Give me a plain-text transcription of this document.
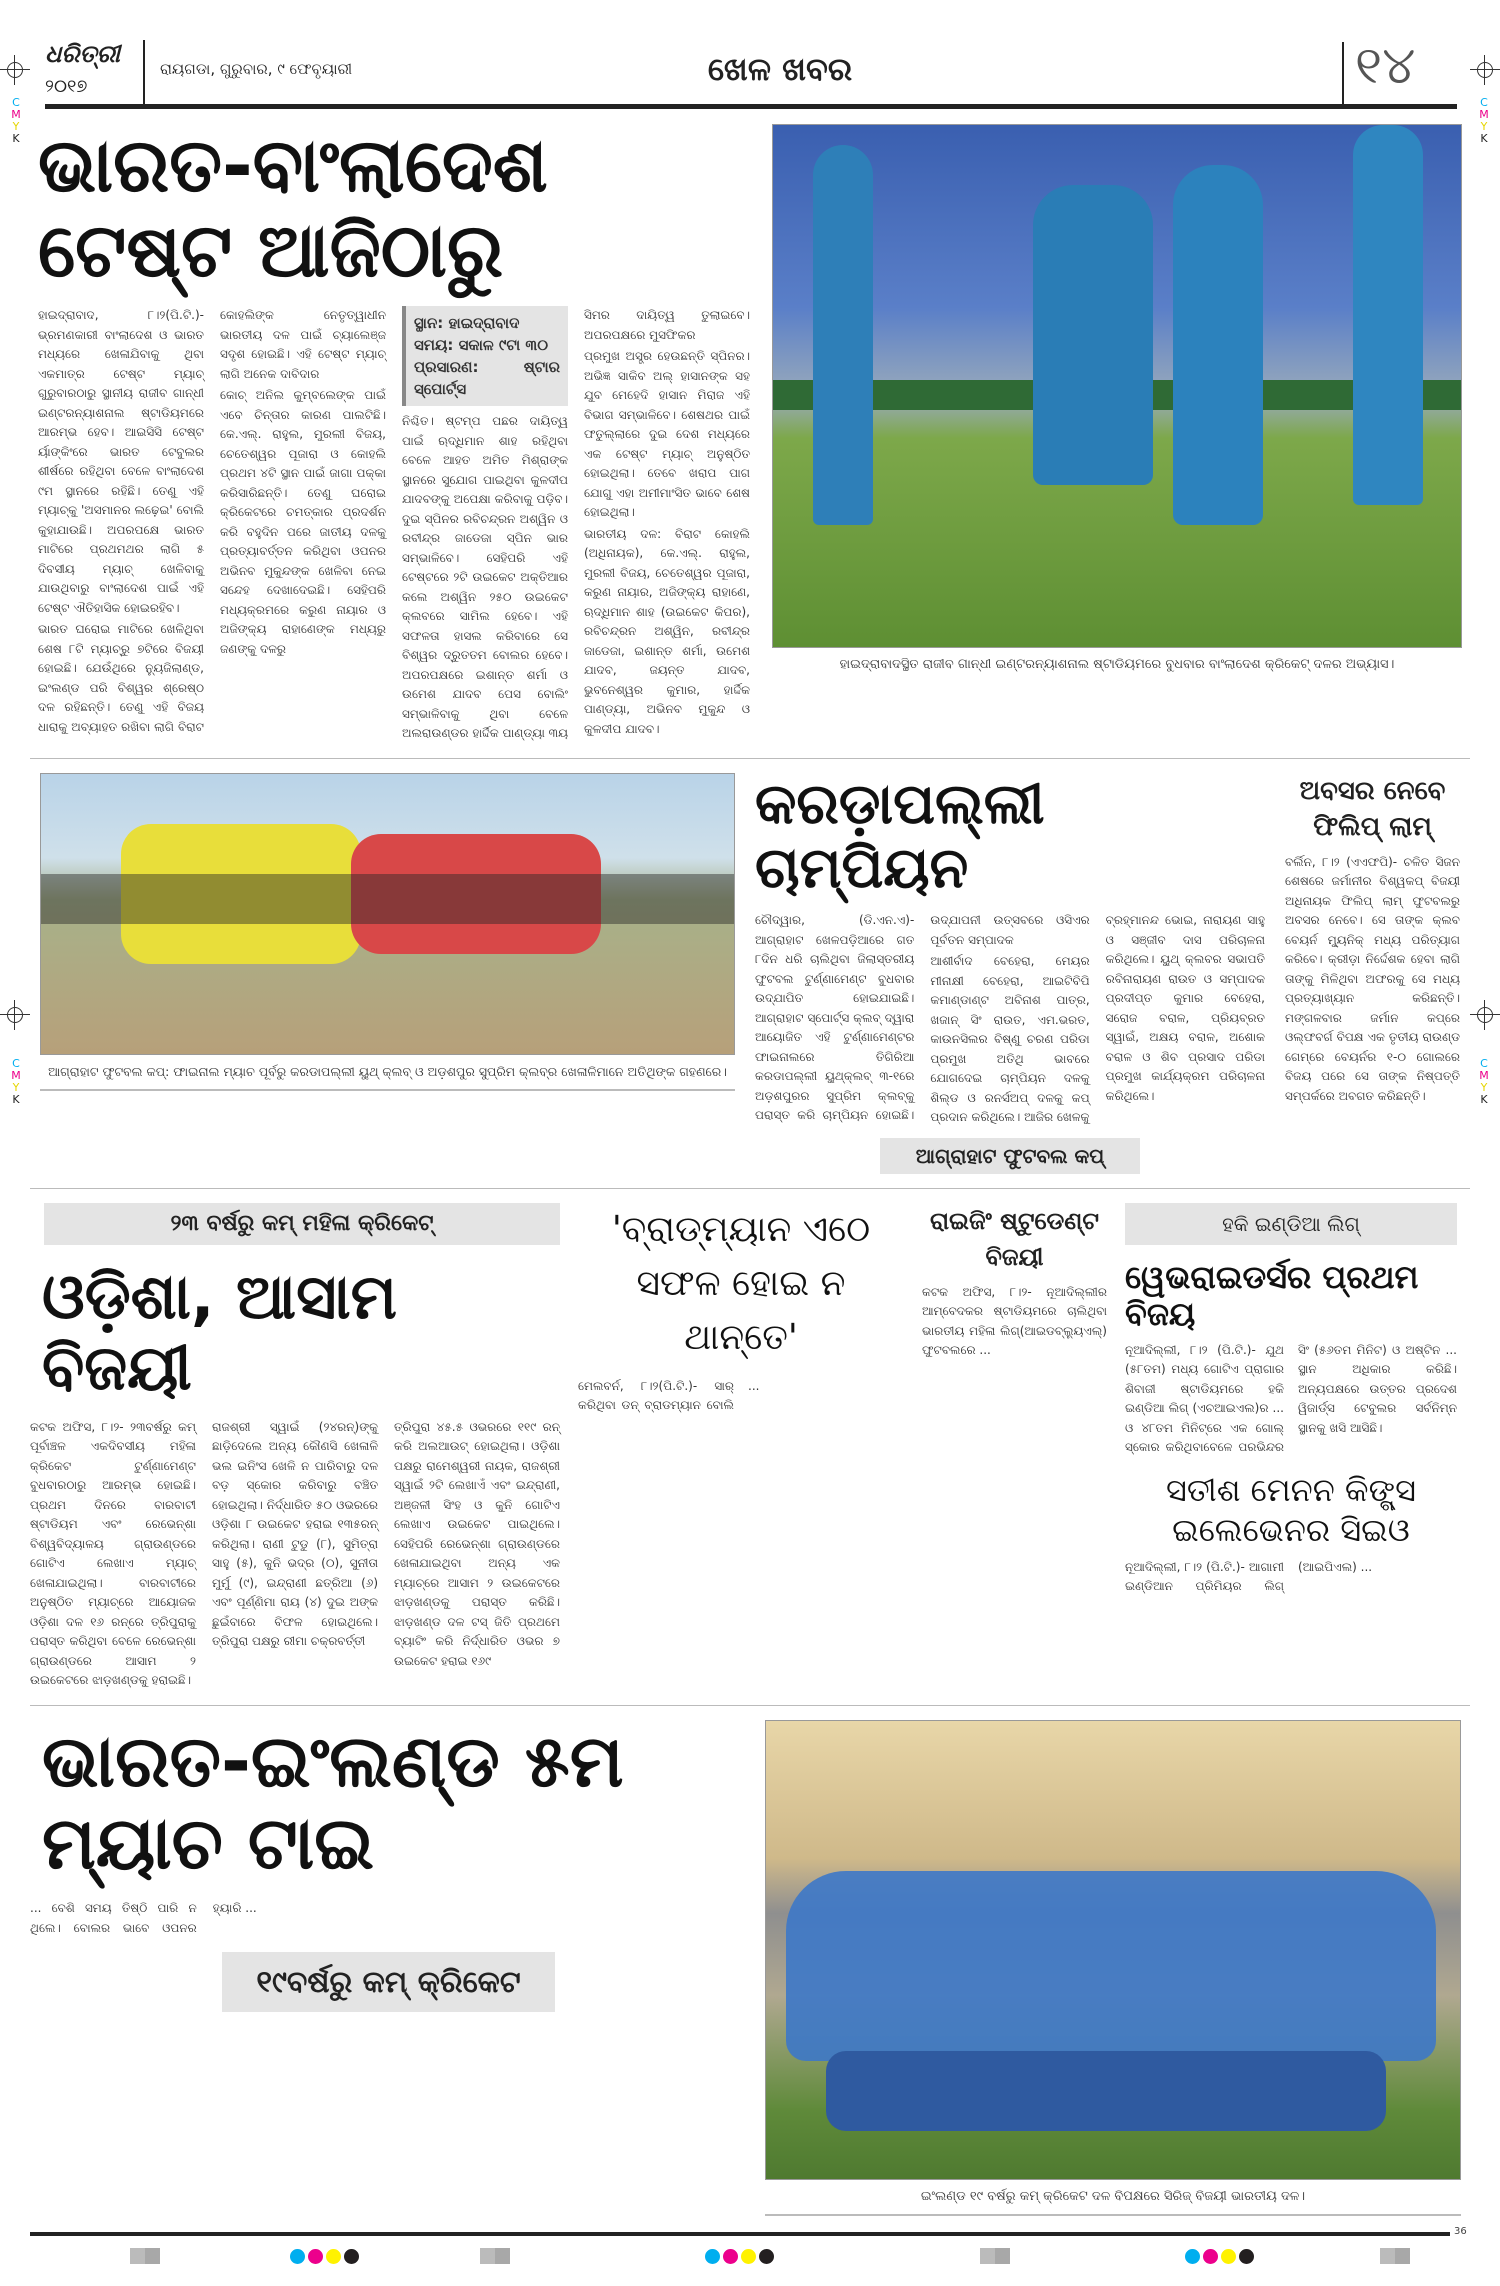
C
M
Y
K
C
M
Y
K
C
M
Y
K
C
M
Y
K
ଧରିତ୍ରୀ
୨୦୧୭
ରାୟଗଡା, ଗୁରୁବାର, ୯ ଫେବୃୟାରୀ	ଖେଳ ଖବର	୧୪
ଭାରତ-ବାଂଲାଦେଶ ଟେଷ୍ଟ ଆଜିଠାରୁ

ହାଇଦ୍ରାବାଦ, ୮।୨(ପି.ଟି.)- ଭ୍ରମଣକାରୀ ବାଂଲାଦେଶ ଓ ଭାରତ ମଧ୍ୟରେ ଖେଳାଯିବାକୁ ଥିବା ଏକମାତ୍ର ଟେଷ୍ଟ ମ୍ୟାଚ୍ ଗୁରୁବାରଠାରୁ ସ୍ଥାନୀୟ ରାଜୀବ ଗାନ୍ଧୀ ଇଣ୍ଟରନ୍ୟାଶନାଲ ଷ୍ଟାଡିୟମରେ ଆରମ୍ଭ ହେବ। ଆଇସିସି ଟେଷ୍ଟ ର୍ୟାଙ୍କିଂରେ ଭାରତ ଟେବୁଲର ଶୀର୍ଷରେ ରହିଥିବା ବେଳେ ବାଂଲାଦେଶ ୯ମ ସ୍ଥାନରେ ରହିଛି। ତେଣୁ ଏହି ମ୍ୟାଚ୍‌କୁ 'ଅସମାନର ଲଢ଼େଇ' ବୋଲି କୁହାଯାଉଛି। ଅପରପକ୍ଷେ ଭାରତ ମାଟିରେ ପ୍ରଥମଥର ଲାଗି ୫ ଦିବସୀୟ ମ୍ୟାଚ୍ ଖେଳିବାକୁ ଯାଉଥିବାରୁ ବାଂଲାଦେଶ ପାଇଁ ଏହି ଟେଷ୍ଟ ଐତିହାସିକ ହୋଇରହିବ।

ଭାରତ ଘରୋଇ ମାଟିରେ ଖେଳିଥିବା ଶେଷ ୮ଟି ମ୍ୟାଚ୍‌ରୁ ୭ଟିରେ ବିଜୟୀ ହୋଇଛି। ଯେଉଁଥିରେ ନ୍ୟୁଜିଲାଣ୍ଡ, ଇଂଲଣ୍ଡ ପରି ବିଶ୍ୱର ଶ୍ରେଷ୍ଠ ଦଳ ରହିଛନ୍ତି। ତେଣୁ ଏହି ବିଜୟ ଧାରାକୁ ଅବ୍ୟାହତ ରଖିବା ଲାଗି ବିରାଟ କୋହଲିଙ୍କ ନେତୃତ୍ୱାଧୀନ ଭାରତୀୟ ଦଳ ପାଇଁ ଚ୍ୟାଲେଞ୍ଜ ସଦୃଶ ହୋଇଛି। ଏହି ଟେଷ୍ଟ ମ୍ୟାଚ୍ ଲାଗି ଅନେକ ଦାବିଦାର

କୋଚ୍ ଅନିଲ କୁମ୍ବଲେଙ୍କ ପାଇଁ ଏବେ ଚିନ୍ତାର କାରଣ ପାଲଟିଛି। କେ.ଏଲ୍. ରାହୁଲ, ମୁରଲୀ ବିଜୟ, ଚେତେଶ୍ୱର ପୂଜାରା ଓ କୋହଲି ପ୍ରଥମ ୪ଟି ସ୍ଥାନ ପାଇଁ ଜାଗା ପକ୍କା କରିସାରିଛନ୍ତି। ତେଣୁ ଘରୋଇ କ୍ରିକେଟରେ ଚମତ୍କାର ପ୍ରଦର୍ଶନ କରି ବହୁଦିନ ପରେ ଜାତୀୟ ଦଳକୁ ପ୍ରତ୍ୟାବର୍ତ୍ତନ କରିଥିବା ଓପନର ଅଭିନବ ମୁକୁନ୍ଦଙ୍କ ଖେଳିବା ନେଇ ସନ୍ଦେହ ଦେଖାଦେଇଛି। ସେହିପରି ମଧ୍ୟକ୍ରମରେ କରୁଣ ନାୟାର ଓ ଅଜିଙ୍କ୍ୟ ରାହାଣେଙ୍କ ମଧ୍ୟରୁ ଜଣଙ୍କୁ ଦଳରୁ

ସ୍ଥାନ: ହାଇଦ୍ରାବାଦ
ସମୟ: ସକାଳ ୯ଟା ୩୦
ପ୍ରସାରଣ: ଷ୍ଟାର ସ୍ପୋର୍ଟ୍ସ

ନିଶ୍ଚିତ। ଷ୍ଟମ୍ପ ପଛର ଦାୟିତ୍ୱ ପାଇଁ ଋଦ୍ଧିମାନ ଶାହ ରହିଥିବା ବେଳେ ଆହତ ଅମିତ ମିଶ୍ରାଙ୍କ ସ୍ଥାନରେ ସୁଯୋଗ ପାଇଥିବା କୁଳଦୀପ ଯାଦବଙ୍କୁ ଅପେକ୍ଷା କରିବାକୁ ପଡ଼ିବ। ଦୁଇ ସ୍ପିନର ରବିଚନ୍ଦ୍ରନ ଅଶ୍ୱିନ ଓ ରବୀନ୍ଦ୍ର ଜାଡେଜା ସ୍ପିନ ଭାର ସମ୍ଭାଳିବେ। ସେହିପରି ଏହି ଟେଷ୍ଟରେ ୨ଟି ଉଇକେଟ ଅକ୍ତିଆର କଲେ ଅଶ୍ୱିନ ୨୫୦ ଉଇକେଟ କ୍ଲବରେ ସାମିଲ ହେବେ। ଏହି ସଫଳତା ହାସଲ କରିବାରେ ସେ ବିଶ୍ୱର ଦ୍ରୁତତମ ବୋଲର ହେବେ। ଅପରପକ୍ଷରେ ଇଶାନ୍ତ ଶର୍ମା ଓ ଉମେଶ ଯାଦବ ପେସ ବୋଲିଂ ସମ୍ଭାଳିବାକୁ ଥିବା ବେଳେ ଅଲରାଉଣ୍ଡର ହାର୍ଦ୍ଦିକ ପାଣ୍ଡ୍ୟା ୩ୟ ସିମର ଦାୟିତ୍ୱ ତୁଲାଇବେ। ଅପରପକ୍ଷରେ ମୁସଫିକର

ପ୍ରମୁଖ ଅସ୍ତ୍ର ହେଉଛନ୍ତି ସ୍ପିନର। ଅଭିଜ୍ଞ ସାକିବ ଅଲ୍ ହାସାନଙ୍କ ସହ ଯୁବ ମେହେଦି ହାସାନ ମିରାଜ ଏହି ବିଭାଗ ସମ୍ଭାଳିବେ। ଶେଷଥର ପାଇଁ ଫତୁଲ୍ଲାରେ ଦୁଇ ଦେଶ ମଧ୍ୟରେ ଏକ ଟେଷ୍ଟ ମ୍ୟାଚ୍ ଅନୁଷ୍ଠିତ ହୋଇଥିଲା। ତେବେ ଖରାପ ପାଗ ଯୋଗୁ ଏହା ଅମୀମାଂସିତ ଭାବେ ଶେଷ ହୋଇଥିଲା।

ଭାରତୀୟ ଦଳ: ବିରାଟ କୋହଲି (ଅଧିନାୟକ), କେ.ଏଲ୍. ରାହୁଲ, ମୁରଲୀ ବିଜୟ, ଚେତେଶ୍ୱର ପୂଜାରା, କରୁଣ ନାୟାର, ଅଜିଙ୍କ୍ୟ ରାହାଣେ, ଋଦ୍ଧିମାନ ଶାହ (ଉଇକେଟ କିପର), ରବିଚନ୍ଦ୍ରନ ଅଶ୍ୱିନ, ରବୀନ୍ଦ୍ର ଜାଡେଜା, ଇଶାନ୍ତ ଶର୍ମା, ଉମେଶ ଯାଦବ, ଜୟନ୍ତ ଯାଦବ, ଭୁବନେଶ୍ୱର କୁମାର, ହାର୍ଦ୍ଦିକ ପାଣ୍ଡ୍ୟା, ଅଭିନବ ମୁକୁନ୍ଦ ଓ କୁଳଦୀପ ଯାଦବ।

ହାଇଦ୍ରାବାଦସ୍ଥିତ ରାଜୀବ ଗାନ୍ଧୀ ଇଣ୍ଟରନ୍ୟାଶନାଲ ଷ୍ଟାଡିୟମରେ ବୁଧବାର ବାଂଲାଦେଶ କ୍ରିକେଟ୍ ଦଳର ଅଭ୍ୟାସ।
ଆଗ୍ରାହାଟ ଫୁଟବଲ କପ୍: ଫାଇନାଲ ମ୍ୟାଚ ପୂର୍ବରୁ କରଡାପଲ୍ଲୀ ୟୁଥ୍ କ୍ଲବ୍ ଓ ଅଡ଼ଶପୁର ସୁପ୍ରିମ କ୍ଲବ୍‌ର ଖେଳାଳିମାନେ ଅତିଥିଙ୍କ ଗହଣରେ।
କରଡ଼ାପଲ୍ଲୀ ଚାମ୍ପିୟନ

ଚୌଦ୍ୱାର, (ଡି.ଏନ.ଏ)- ଆଗ୍ରାହାଟ ଖେଳପଡ଼ିଆରେ ଗତ ୮ଦିନ ଧରି ଚାଲିଥିବା ଜିଲାସ୍ତରୀୟ ଫୁଟବଲ ଟୁର୍ଣ୍ଣାମେଣ୍ଟ ବୁଧବାର ଉଦ୍‌ଯାପିତ ହୋଇଯାଇଛି। ଆଗ୍ରାହାଟ ସ୍ପୋର୍ଟ୍ସ କ୍ଲବ୍ ଦ୍ୱାରା ଆୟୋଜିତ ଏହି ଟୁର୍ଣ୍ଣାମେଣ୍ଟର ଫାଇନାଲରେ ତିଗିରିଆ କରଡାପଲ୍ଲୀ ୟୁଥ୍‌କ୍ଲବ୍ ୩-୧ରେ ଅଡ଼ଶପୁରର ସୁପ୍ରିମ କ୍ଲବ୍‌କୁ ପରାସ୍ତ କରି ଚାମ୍ପିୟନ ହୋଇଛି। ଉଦ୍‌ଯାପନୀ ଉତ୍ସବରେ ଓସିଏର ପୂର୍ବତନ ସମ୍ପାଦକ

ଆଶୀର୍ବାଦ ବେହେରା, ମେୟର ମୀନାକ୍ଷୀ ବେହେରା, ଆଇଟିବିପି କମାଣ୍ଡାଣ୍ଟ ଅବିନାଶ ପାତ୍ର, ଖଜାନ୍ ସିଂ ରାଉତ, ଏମ.ଭରତ, କାଉନସିଲର ବିଷ୍ଣୁ ଚରଣ ପରିଡା ପ୍ରମୁଖ ଅତିଥି ଭାବରେ ଯୋଗଦେଇ ଚାମ୍ପିୟନ ଦଳକୁ ଶିଲ୍ଡ ଓ ରନର୍ସଅପ୍ ଦଳକୁ କପ୍ ପ୍ରଦାନ କରିଥିଲେ। ଆଜିର ଖେଳକୁ

ବ୍ରହ୍ମାନନ୍ଦ ଭୋଇ, ନାରାୟଣ ସାହୁ ଓ ସଞ୍ଜୀବ ଦାସ ପରିଚାଳନା କରିଥିଲେ। ୟୁଥ୍ କ୍ଲବର ସଭାପତି ରବିନାରାୟଣ ରାଉତ ଓ ସମ୍ପାଦକ ପ୍ରଦୀପ୍ତ କୁମାର ବେହେରା, ସରୋଜ ବରାଳ, ପ୍ରିୟବ୍ରତ ସ୍ୱାଇଁ, ଅକ୍ଷୟ ବରାଳ, ଅଶୋକ ବରାଳ ଓ ଶିବ ପ୍ରସାଦ ପରିଡା ପ୍ରମୁଖ କାର୍ଯ୍ୟକ୍ରମ ପରିଚାଳନା କରିଥିଲେ।

ଆଗ୍ରାହାଟ ଫୁଟବଲ କପ୍
ଅବସର ନେବେ ଫିଲିପ୍ ଲାମ୍

ବର୍ଲିନ, ୮।୨ (ଏଏଫପି)- ଚଳିତ ସିଜନ ଶେଷରେ ଜର୍ମାନୀର ବିଶ୍ୱକପ୍ ବିଜୟୀ ଅଧିନାୟକ ଫିଲିପ୍ ଲାମ୍ ଫୁଟବଲରୁ ଅବସର ନେବେ। ସେ ତାଙ୍କ କ୍ଲବ ବେୟର୍ନ ମ୍ୟୁନିକ୍ ମଧ୍ୟ ପରିତ୍ୟାଗ କରିବେ। କ୍ରୀଡ଼ା ନିର୍ଦ୍ଦେଶକ ହେବା ଲାଗି ତାଙ୍କୁ ମିଳିଥିବା ଅଫରକୁ ସେ ମଧ୍ୟ ପ୍ରତ୍ୟାଖ୍ୟାନ କରିଛନ୍ତି। ମଙ୍ଗଳବାର ଜର୍ମାନ କପ୍‌ରେ ଓଲ୍‌ଫବର୍ଗ ବିପକ୍ଷ ଏକ ତୃତୀୟ ରାଉଣ୍ଡ ଗେମ୍‌ରେ ବେୟର୍ନର ୧-୦ ଗୋଲରେ ବିଜୟ ପରେ ସେ ତାଙ୍କ ନିଷ୍ପତ୍ତି ସମ୍ପର୍କରେ ଅବଗତ କରିଛନ୍ତି।

୨୩ ବର୍ଷରୁ କମ୍ ମହିଳା କ୍ରିକେଟ୍
ଓଡ଼ିଶା, ଆସାମ ବିଜୟୀ

କଟକ ଅଫିସ, ୮।୨- ୨୩ବର୍ଷରୁ କମ୍ ପୂର୍ବାଞ୍ଚଳ ଏକଦିବସୀୟ ମହିଳା କ୍ରିକେଟ ଟୁର୍ଣ୍ଣାମେଣ୍ଟ ବୁଧବାରଠାରୁ ଆରମ୍ଭ ହୋଇଛି। ପ୍ରଥମ ଦିନରେ ବାରବାଟୀ ଷ୍ଟାଡିୟମ ଏବଂ ରେଭେନ୍‌ଶା ବିଶ୍ୱବିଦ୍ୟାଳୟ ଗ୍ରାଉଣ୍ଡରେ ଗୋଟିଏ ଲେଖାଏ ମ୍ୟାଚ୍ ଖେଳାଯାଇଥିଲା। ବାରବାଟୀରେ ଅନୁଷ୍ଠିତ ମ୍ୟାଚ୍‌ରେ ଆୟୋଜକ ଓଡ଼ିଶା ଦଳ ୧୬ ରନ୍‌ରେ ତ୍ରିପୁରାକୁ ପରାସ୍ତ କରିଥିବା ବେଳେ ରେଭେନ୍‌ଶା ଗ୍ରାଉଣ୍ଡରେ ଆସାମ ୨ ଉଇକେଟରେ ଝାଡ଼ଖଣ୍ଡକୁ ହରାଇଛି।

ରାଜଶ୍ରୀ ସ୍ୱାଇଁ (୨୪ରନ୍)ଙ୍କୁ ଛାଡ଼ିଦେଲେ ଅନ୍ୟ କୌଣସି ଖେଳାଳି ଭଲ ଇନିଂସ ଖେଳି ନ ପାରିବାରୁ ଦଳ ବଡ଼ ସ୍କୋର କରିବାରୁ ବଞ୍ଚିତ ହୋଇଥିଲା। ନିର୍ଦ୍ଧାରିତ ୫୦ ଓଭରରେ ଓଡ଼ିଶା ୮ ଉଇକେଟ ହରାଇ ୧୩୫ରନ୍ କରିଥିଲା। ରାଣୀ ଟୁଡୁ (୮), ସୁମିତ୍ରା ସାହୁ (୫), କୁନି ଭଦ୍ର (୦), ସୁନୀତା ମୁର୍ମୁ (୯), ଇନ୍ଦ୍ରାଣୀ ଛତ୍ରିଆ (୬) ଏବଂ ପୂର୍ଣ୍ଣିମା ରାୟ (୪) ଦୁଇ ଅଙ୍କ ଛୁଇଁବାରେ ବିଫଳ ହୋଇଥିଲେ। ତ୍ରିପୁରା ପକ୍ଷରୁ ରୀମା ଚକ୍ରବର୍ତ୍ତୀ

ତ୍ରିପୁରା ୪୫.୫ ଓଭରରେ ୧୧୯ ରନ୍ କରି ଅଲଆଉଟ୍ ହୋଇଥିଲା। ଓଡ଼ିଶା ପକ୍ଷରୁ ରାମେଶ୍ୱରୀ ନାୟକ, ରାଜଶ୍ରୀ ସ୍ୱାଇଁ ୨ଟି ଲେଖାଏଁ ଏବଂ ଇନ୍ଦ୍ରାଣୀ, ଅଞ୍ଜଳୀ ସିଂହ ଓ କୁନି ଗୋଟିଏ ଲେଖାଏ ଉଇକେଟ ପାଇଥିଲେ। ସେହିପରି ରେଭେନ୍‌ଶା ଗ୍ରାଉଣ୍ଡରେ ଖେଳାଯାଇଥିବା ଅନ୍ୟ ଏକ ମ୍ୟାଚ୍‌ରେ ଆସାମ ୨ ଉଇକେଟରେ ଝାଡ଼ଖଣ୍ଡକୁ ପରାସ୍ତ କରିଛି। ଝାଡ଼ଖଣ୍ଡ ଦଳ ଟସ୍ ଜିତି ପ୍ରଥମେ ବ୍ୟାଟିଂ କରି ନିର୍ଦ୍ଧାରିତ ଓଭର ୭ ଉଇକେଟ ହରାଇ ୧୬୯

'ବ୍ରାଡ୍‌ମ୍ୟାନ ଏଠେ ସଫଳ ହୋଇ ନ ଥାନ୍ତେ'

ମେଲବର୍ନ, ୮।୨(ପି.ଟି.)- ସାର୍ କରିଥିବା ଡନ୍ ବ୍ରାଡମ୍ୟାନ ବୋଲି ...

ରାଇଜିଂ ଷ୍ଟୁଡେଣ୍ଟ ବିଜୟୀ

କଟକ ଅଫିସ, ୮।୨- ନୂଆଦିଲ୍ଲୀର ଆମ୍ବେଦକର ଷ୍ଟାଡିୟମରେ ଚାଲିଥିବା ଭାରତୀୟ ମହିଳା ଲିଗ୍(ଆଇଡବ୍ଲ୍ୟୁଏଲ୍) ଫୁଟବଲରେ ...

ହକି ଇଣ୍ଡିଆ ଲିଗ୍
ୱେଭରାଇଡର୍ସର ପ୍ରଥମ ବିଜୟ

ନୂଆଦିଲ୍ଲୀ, ୮।୨ (ପି.ଟି.)- ଯୁଥ (୫୮ତମ) ମଧ୍ୟ ଗୋଟିଏ ପ୍ରାଗାର ଶିବାଜୀ ଷ୍ଟାଡିୟମରେ ହକି ଇଣ୍ଡିଆ ଲିଗ୍ (ଏଚଆଇଏଲ)ର ... ଓ ୪୮ତମ ମିନିଟ୍‌ରେ ଏକ ଗୋଲ୍ ସ୍କୋର କରିଥିବାବେଳେ ପରଭିନ୍ଦର ସିଂ (୫୬ତମ ମିନିଟ) ଓ ଅଷ୍ଟିନ ... ସ୍ଥାନ ଅଧିକାର କରିଛି। ଅନ୍ୟପକ୍ଷରେ ଉତ୍ତର ପ୍ରଦେଶ ୱିଜାର୍ଡ୍ସ ଟେବୁଲର ସର୍ବନିମ୍ନ ସ୍ଥାନକୁ ଖସି ଆସିଛି।

ସତୀଶ ମେନନ କିଙ୍ଗ୍ସ ଇଲେଭେନର ସିଇଓ

ନୂଆଦିଲ୍ଲୀ, ୮।୨ (ପି.ଟି.)- ଆଗାମୀ ଇଣ୍ଡିଆନ ପ୍ରିମିୟର ଲିଗ୍ (ଆଇପିଏଲ) ...

ଭାରତ-ଇଂଲଣ୍ଡ ୫ମ ମ୍ୟାଚ ଟାଇ

... ବେଶି ସମୟ ତିଷ୍ଠି ପାରି ନ ଥିଲେ। ବୋଲର ଭାବେ ଓପନର ହ୍ୟାରି ...

୧୯ବର୍ଷରୁ କମ୍ କ୍ରିକେଟ
ଇଂଲଣ୍ଡ ୧୯ ବର୍ଷରୁ କମ୍ କ୍ରିକେଟ ଦଳ ବିପକ୍ଷରେ ସିରିଜ୍ ବିଜୟୀ ଭାରତୀୟ ଦଳ।
36
